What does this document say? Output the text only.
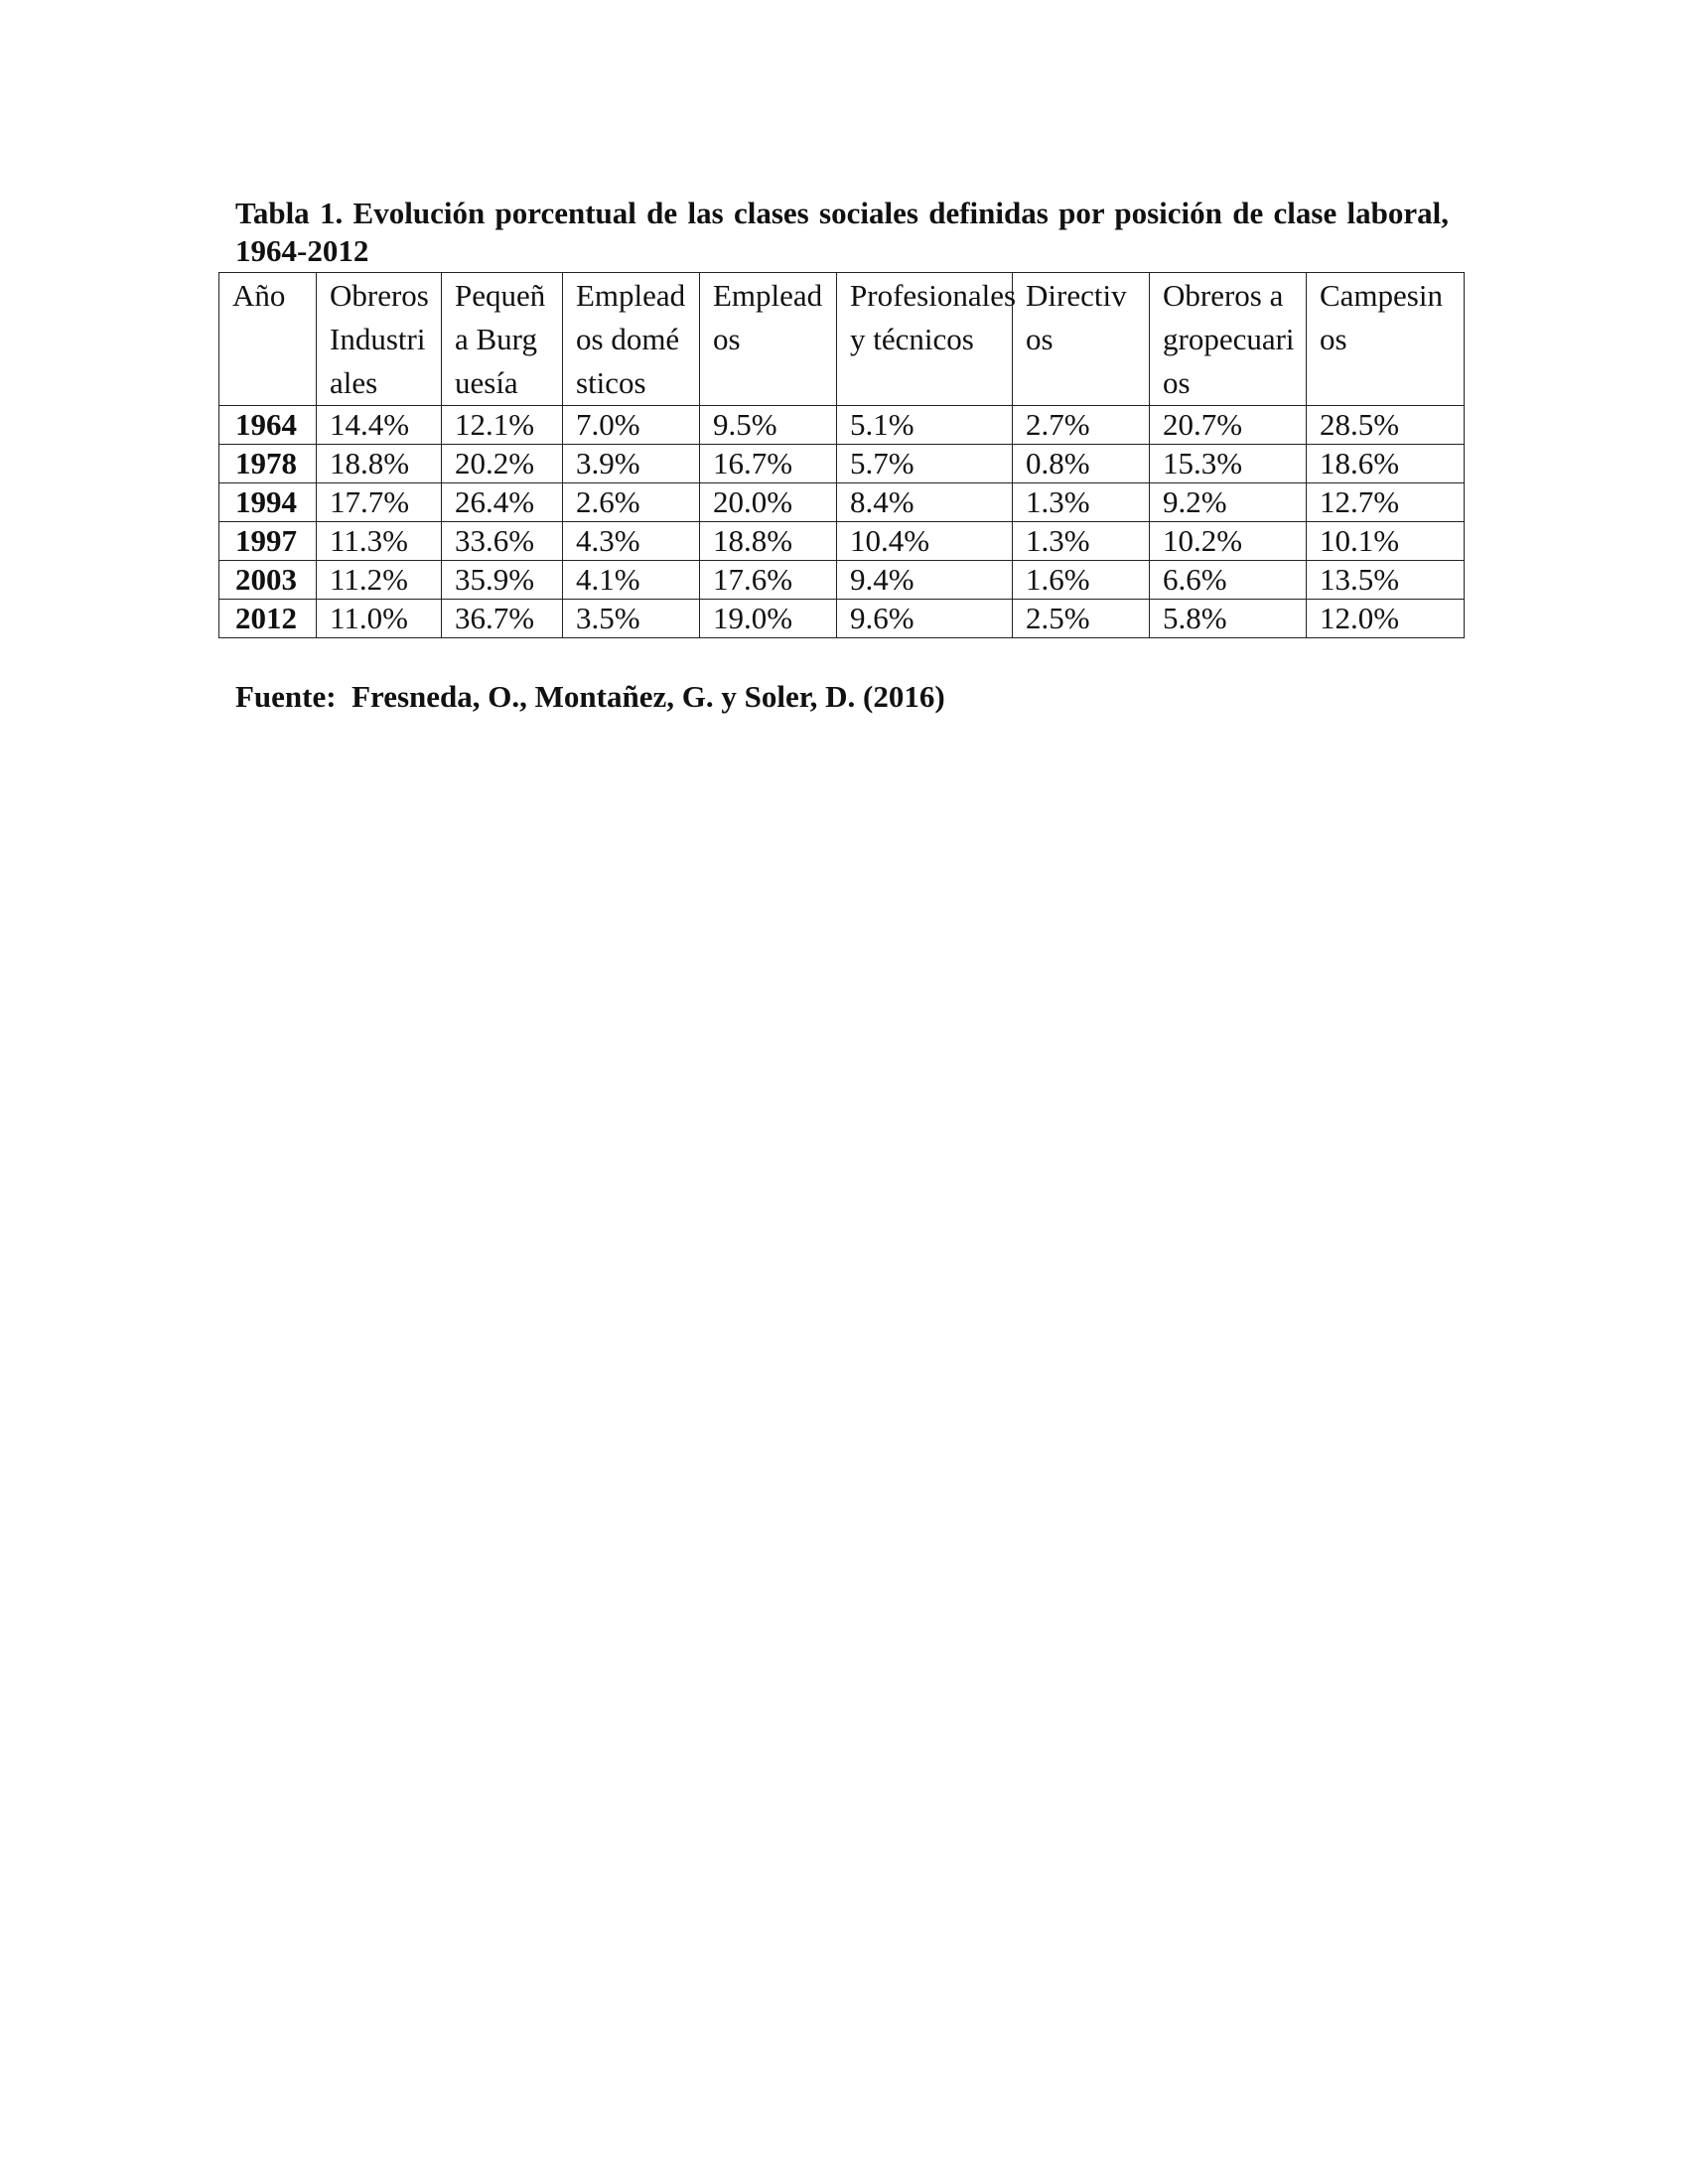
Tabla 1. Evolución porcentual de las clases sociales definidas por posición de clase laboral, 1964-2012

Año	Obreros Industriales	Pequeña Burguesía	Empleados domésticos	Empleados	Profesionales y técnicos	Directivos	Obreros agropecuarios	Campesinos
1964	14.4%	12.1%	7.0%	9.5%	5.1%	2.7%	20.7%	28.5%
1978	18.8%	20.2%	3.9%	16.7%	5.7%	0.8%	15.3%	18.6%
1994	17.7%	26.4%	2.6%	20.0%	8.4%	1.3%	9.2%	12.7%
1997	11.3%	33.6%	4.3%	18.8%	10.4%	1.3%	10.2%	10.1%
2003	11.2%	35.9%	4.1%	17.6%	9.4%	1.6%	6.6%	13.5%
2012	11.0%	36.7%	3.5%	19.0%	9.6%	2.5%	5.8%	12.0%

Fuente:  Fresneda, O., Montañez, G. y Soler, D. (2016)
